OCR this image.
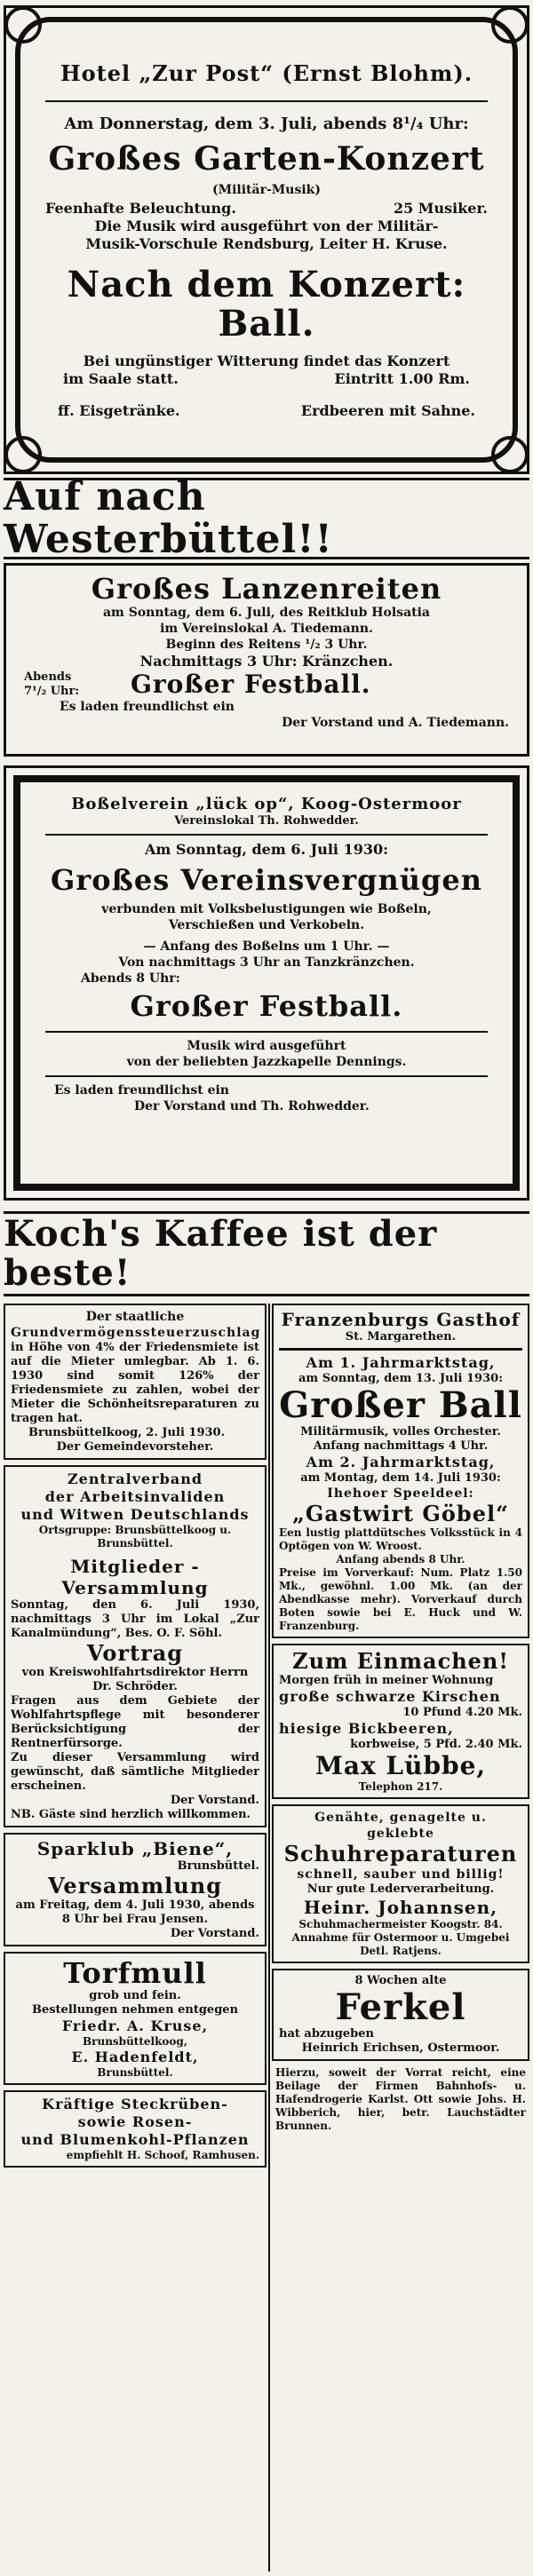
Hotel „Zur Post“ (Ernst Blohm).
Am Donnerstag, dem 3. Juli, abends 8¹/₄ Uhr:
Großes Garten-Konzert
(Militär-Musik)
Feenhafte Beleuchtung.	25 Musiker.
Die Musik wird ausgeführt von der Militär-
Musik-Vorschule Rendsburg, Leiter H. Kruse.
Nach dem Konzert: Ball.
Bei ungünstiger Witterung findet das Konzert
im Saale statt.	Eintritt 1.00 Rm.
ff. Eisgetränke.	Erdbeeren mit Sahne.
Auf nach Westerbüttel!!
Großes Lanzenreiten
am Sonntag, dem 6. Juli, des Reitklub Holsatia
im Vereinslokal A. Tiedemann.
Beginn des Reitens ¹/₂ 3 Uhr.
Nachmittags 3 Uhr: Kränzchen.
Abends
7¹/₂ Uhr:	Großer Festball.
Es laden freundlichst ein
Der Vorstand und A. Tiedemann.
Boßelverein „lück op“, Koog-Ostermoor
Vereinslokal Th. Rohwedder.
Am Sonntag, dem 6. Juli 1930:
Großes Vereinsvergnügen
verbunden mit Volksbelustigungen wie Boßeln,
Verschießen und Verkobeln.
— Anfang des Boßelns um 1 Uhr. —
Von nachmittags 3 Uhr an Tanzkränzchen.
Abends 8 Uhr:
Großer Festball.
Musik wird ausgeführt
von der beliebten Jazzkapelle Dennings.
Es laden freundlichst ein
Der Vorstand und Th. Rohwedder.
Koch's Kaffee ist der beste!
Der staatliche
Grundvermögenssteuerzuschlag
in Höhe von 4% der Friedensmiete ist auf die Mieter umlegbar. Ab 1. 6. 1930 sind somit 126% der Friedensmiete zu zahlen, wobei der Mieter die Schönheitsreparaturen zu tragen hat.
Brunsbüttelkoog, 2. Juli 1930.
Der Gemeindevorsteher.
Zentralverband
der Arbeitsinvaliden
und Witwen Deutschlands
Ortsgruppe: Brunsbüttelkoog u. Brunsbüttel.
Mitglieder - Versammlung
Sonntag, den 6. Juli 1930, nachmittags 3 Uhr im Lokal „Zur Kanalmündung“, Bes. O. F. Söhl.
Vortrag
von Kreiswohlfahrtsdirektor Herrn Dr. Schröder.
Fragen aus dem Gebiete der Wohlfahrtspflege mit besonderer Berücksichtigung der Rentnerfürsorge.
Zu dieser Versammlung wird gewünscht, daß sämtliche Mitglieder erscheinen.
Der Vorstand.
NB. Gäste sind herzlich willkommen.
Sparklub „Biene“,
Brunsbüttel.
Versammlung
am Freitag, dem 4. Juli 1930, abends 8 Uhr bei Frau Jensen.
Der Vorstand.
Torfmull
grob und fein.
Bestellungen nehmen entgegen
Friedr. A. Kruse,
Brunsbüttelkoog,
E. Hadenfeldt,
Brunsbüttel.
Kräftige Steckrüben-
sowie Rosen-
und Blumenkohl-Pflanzen
empfiehlt H. Schoof, Ramhusen.
Franzenburgs Gasthof
St. Margarethen.
Am 1. Jahrmarktstag,
am Sonntag, dem 13. Juli 1930:
Großer Ball
Militärmusik, volles Orchester.
Anfang nachmittags 4 Uhr.
Am 2. Jahrmarktstag,
am Montag, dem 14. Juli 1930:
Ihehoer Speeldeel:
„Gastwirt Göbel“
Een lustig plattdütsches Volksstück in 4 Optögen von W. Wroost.
Anfang abends 8 Uhr.
Preise im Vorverkauf: Num. Platz 1.50 Mk., gewöhnl. 1.00 Mk. (an der Abendkasse mehr). Vorverkauf durch Boten sowie bei E. Huck und W. Franzenburg.
Zum Einmachen!
Morgen früh in meiner Wohnung
große schwarze Kirschen
10 Pfund 4.20 Mk.
hiesige Bickbeeren,
korbweise, 5 Pfd. 2.40 Mk.
Max Lübbe,
Telephon 217.
Genähte, genagelte u. geklebte
Schuhreparaturen
schnell, sauber und billig!
Nur gute Lederverarbeitung.
Heinr. Johannsen,
Schuhmachermeister Koogstr. 84.
Annahme für Ostermoor u. Umgebei Detl. Ratjens.
8 Wochen alte
Ferkel
hat abzugeben
Heinrich Erichsen, Ostermoor.
Hierzu, soweit der Vorrat reicht, eine Beilage der Firmen Bahnhofs- u. Hafendrogerie Karlst. Ott sowie Johs. H. Wibberich, hier, betr. Lauchstädter Brunnen.
